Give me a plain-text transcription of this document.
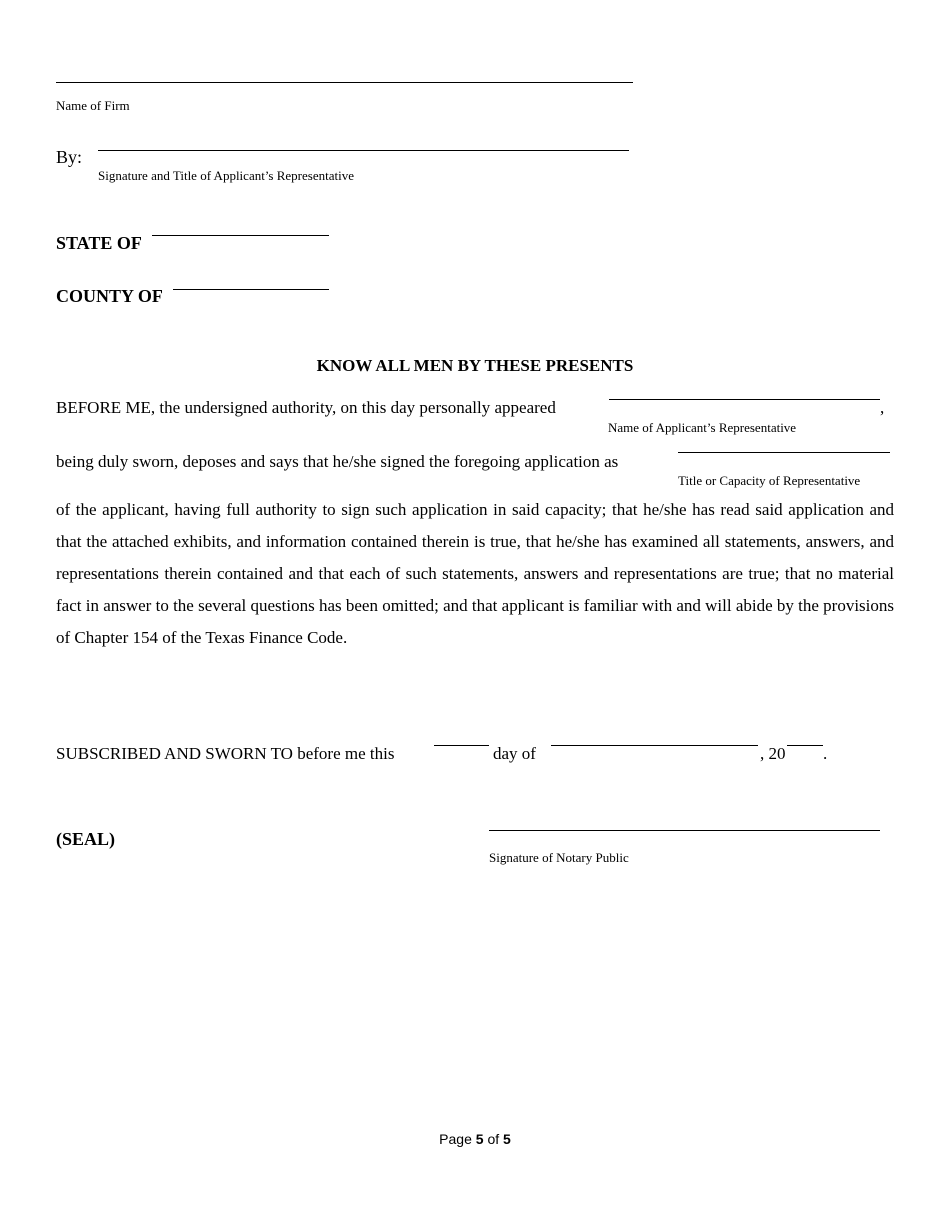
Name of Firm
By:
Signature and Title of Applicant’s Representative
STATE OF
COUNTY OF
KNOW ALL MEN BY THESE PRESENTS
BEFORE ME, the undersigned authority, on this day personally appeared	,
Name of Applicant’s Representative
being duly sworn, deposes and says that he/she signed the foregoing application as
Title or Capacity of Representative
of the applicant, having full authority to sign such application in said capacity; that he/she has read said application and that the attached exhibits, and information contained therein is true, that he/she has examined all statements, answers, and representations therein contained and that each of such statements, answers and representations are true; that no material fact in answer to the several questions has been omitted; and that applicant is familiar with and will abide by the provisions of Chapter 154 of the Texas Finance Code.
SUBSCRIBED AND SWORN TO before me this	day of	, 20 .
(SEAL)
Signature of Notary Public
Page 5 of 5
